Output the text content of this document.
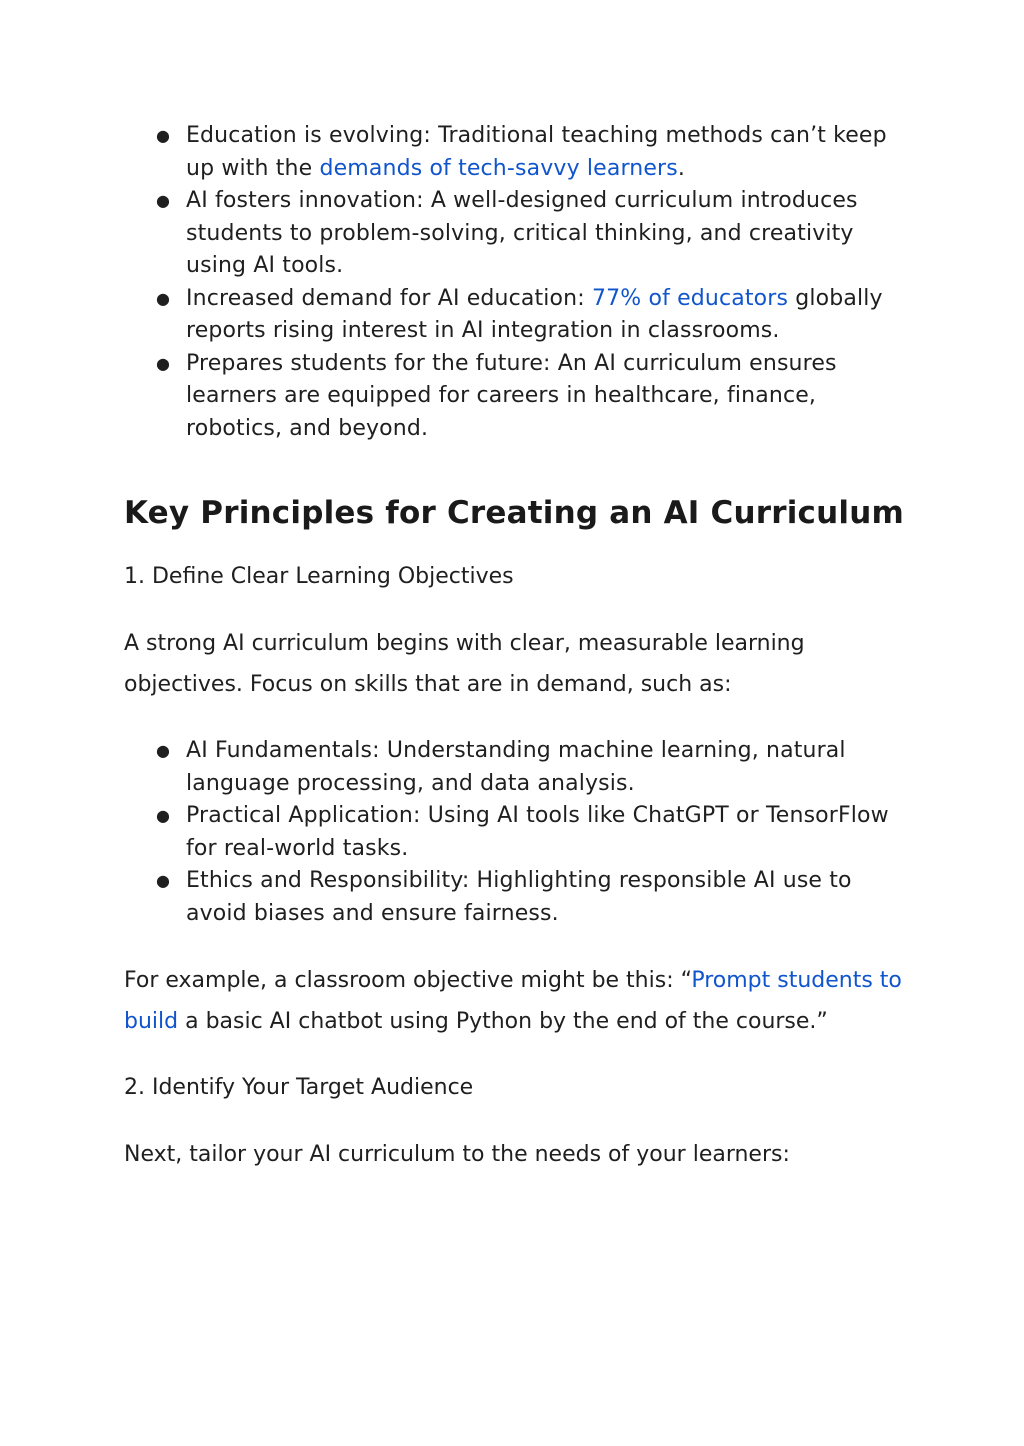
● Education is evolving: Traditional teaching methods can’t keep up with the demands of tech-savvy learners.
● AI fosters innovation: A well-designed curriculum introduces students to problem-solving, critical thinking, and creativity using AI tools.
● Increased demand for AI education: 77% of educators globally reports rising interest in AI integration in classrooms.
● Prepares students for the future: An AI curriculum ensures learners are equipped for careers in healthcare, finance, robotics, and beyond.
Key Principles for Creating an AI Curriculum

1. Define Clear Learning Objectives

A strong AI curriculum begins with clear, measurable learning objectives. Focus on skills that are in demand, such as:

● AI Fundamentals: Understanding machine learning, natural language processing, and data analysis.
● Practical Application: Using AI tools like ChatGPT or TensorFlow for real-world tasks.
● Ethics and Responsibility: Highlighting responsible AI use to avoid biases and ensure fairness.

For example, a classroom objective might be this: “Prompt students to build a basic AI chatbot using Python by the end of the course.”

2. Identify Your Target Audience

Next, tailor your AI curriculum to the needs of your learners:
